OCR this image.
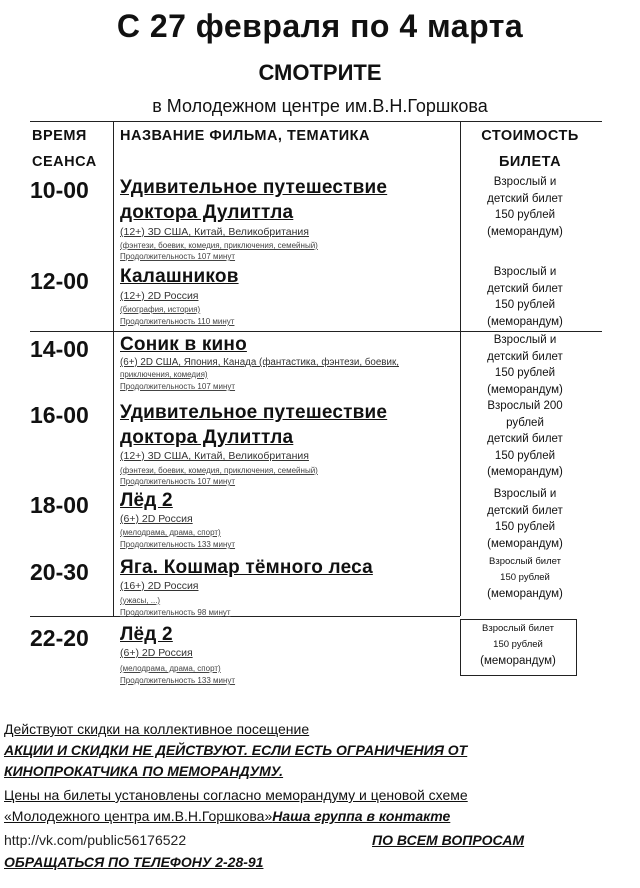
С 27 февраля по 4 марта
СМОТРИТЕ
в Молодежном центре им.В.Н.Горшкова
ВРЕМЯ
СЕАНСА
НАЗВАНИЕ ФИЛЬМА, ТЕМАТИКА	СТОИМОСТЬ
БИЛЕТА
10-00	Удивительное путешествие
доктора Дулиттла
(12+) 3D США, Китай, Великобритания
(фэнтези, боевик, комедия, приключения, семейный)
Продолжительность 107 минут
Взрослый и
детский билет
150 рублей
(меморандум)
12-00	Калашников
(12+) 2D Россия
(биография, история)
Продолжительность 110 минут
Взрослый и
детский билет
150 рублей
(меморандум)
14-00	Соник в кино
(6+) 2D США, Япония, Канада (фантастика, фэнтези, боевик,
приключения, комедия)
Продолжительность 107 минут
Взрослый и
детский билет
150 рублей
(меморандум)
16-00	Удивительное путешествие
доктора Дулиттла
(12+) 3D США, Китай, Великобритания
(фэнтези, боевик, комедия, приключения, семейный)
Продолжительность 107 минут
Взрослый 200
рублей
детский билет
150 рублей
(меморандум)
18-00	Лёд 2
(6+) 2D Россия
(мелодрама, драма, спорт)
Продолжительность 133 минут
Взрослый и
детский билет
150 рублей
(меморандум)
20-30	Яга. Кошмар тёмного леса
(16+) 2D Россия
(ужасы, ...)
Продолжительность 98 минут
Взрослый билет
150 рублей
(меморандум)
22-20	Лёд 2
(6+) 2D Россия
(мелодрама, драма, спорт)
Продолжительность 133 минут
Взрослый билет
150 рублей
(меморандум)
Действуют скидки на коллективное посещение
АКЦИИ И СКИДКИ НЕ ДЕЙСТВУЮТ. ЕСЛИ ЕСТЬ ОГРАНИЧЕНИЯ ОТ
КИНОПРОКАТЧИКА ПО МЕМОРАНДУМУ.
Цены на билеты установлены согласно меморандуму и ценовой схеме
«Молодежного центра им.В.Н.Горшкова»Наша группа в контакте
http://vk.com/public56176522	ПО ВСЕМ ВОПРОСАМ
ОБРАЩАТЬСЯ ПО ТЕЛЕФОНУ 2-28-91
